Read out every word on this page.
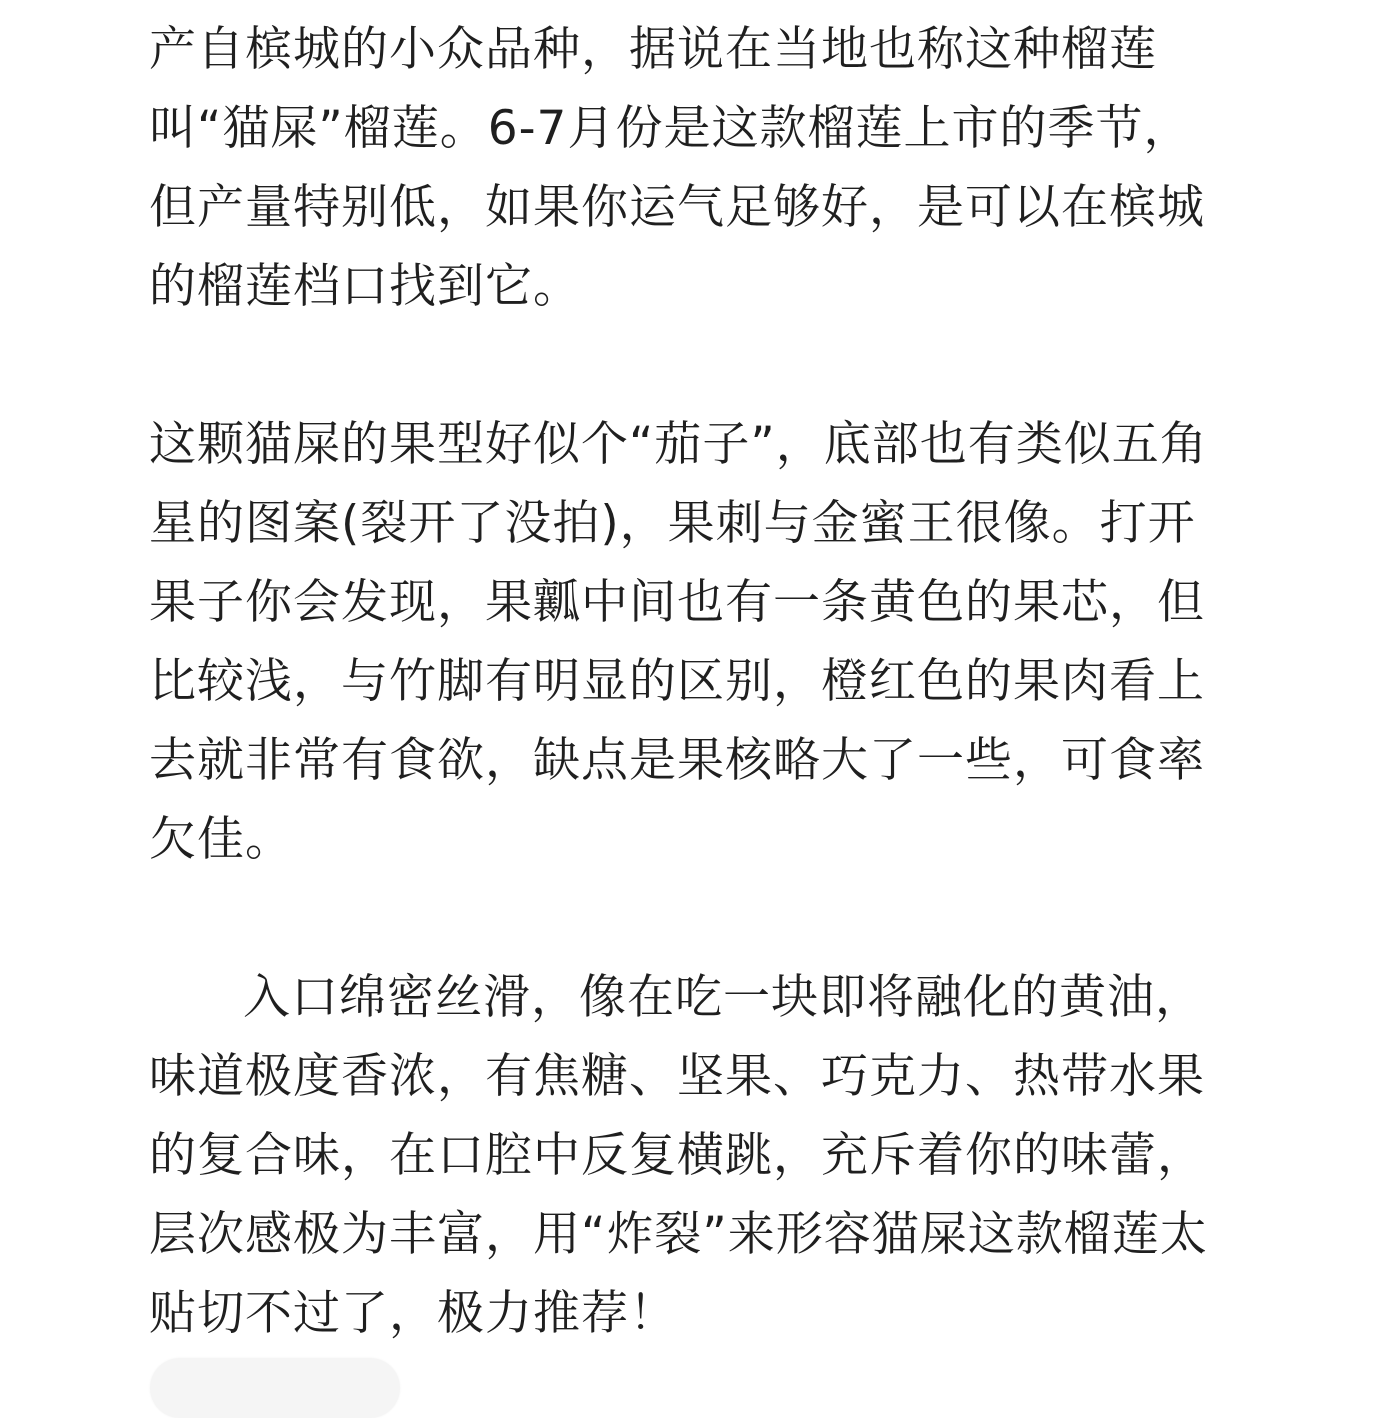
产自槟城的小众品种，据说在当地也称这种榴莲叫“猫屎”榴莲。6-7月份是这款榴莲上市的季节，但产量特别低，如果你运气足够好，是可以在槟城的榴莲档口找到它。

这颗猫屎的果型好似个“茄子”，底部也有类似五角星的图案(裂开了没拍)，果刺与金蜜王很像。打开果子你会发现，果瓤中间也有一条黄色的果芯，但比较浅，与竹脚有明显的区别，橙红色的果肉看上去就非常有食欲，缺点是果核略大了一些，可食率欠佳。

入口绵密丝滑，像在吃一块即将融化的黄油，味道极度香浓，有焦糖、坚果、巧克力、热带水果的复合味，在口腔中反复横跳，充斥着你的味蕾，层次感极为丰富，用“炸裂”来形容猫屎这款榴莲太贴切不过了，极力推荐！
